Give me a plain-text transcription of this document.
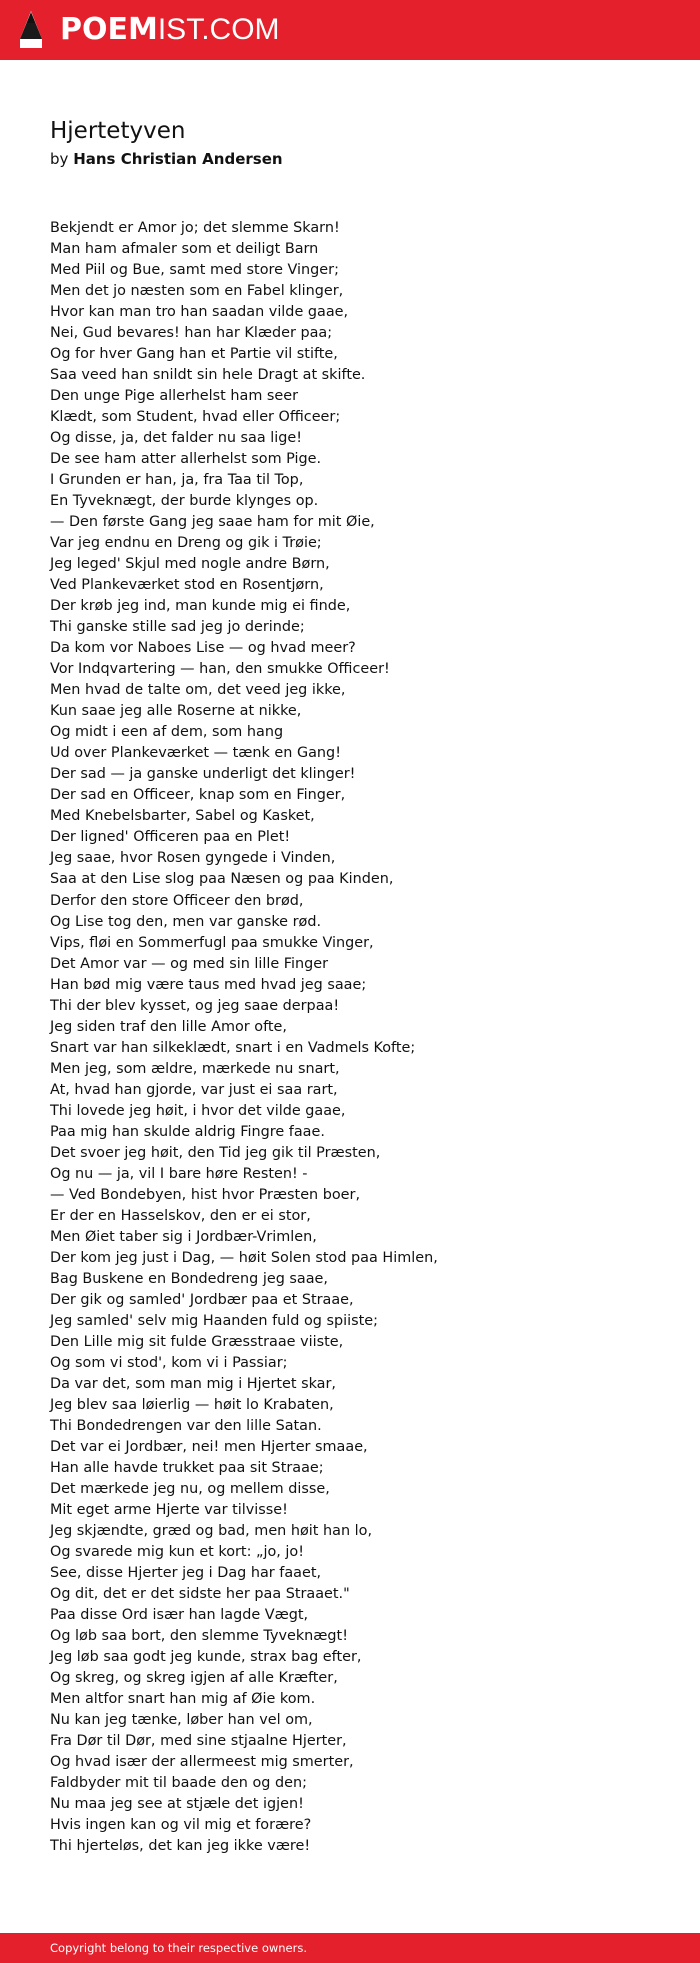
POEMIST.COM
Hjertetyven
by Hans Christian Andersen
Bekjendt er Amor jo; det slemme Skarn!
Man ham afmaler som et deiligt Barn
Med Piil og Bue, samt med store Vinger;
Men det jo næsten som en Fabel klinger,
Hvor kan man tro han saadan vilde gaae,
Nei, Gud bevares! han har Klæder paa;
Og for hver Gang han et Partie vil stifte,
Saa veed han snildt sin hele Dragt at skifte.
Den unge Pige allerhelst ham seer
Klædt, som Student, hvad eller Officeer;
Og disse, ja, det falder nu saa lige!
De see ham atter allerhelst som Pige.
I Grunden er han, ja, fra Taa til Top,
En Tyveknægt, der burde klynges op.
— Den første Gang jeg saae ham for mit Øie,
Var jeg endnu en Dreng og gik i Trøie;
Jeg leged' Skjul med nogle andre Børn,
Ved Plankeværket stod en Rosentjørn,
Der krøb jeg ind, man kunde mig ei finde,
Thi ganske stille sad jeg jo derinde;
Da kom vor Naboes Lise — og hvad meer?
Vor Indqvartering — han, den smukke Officeer!
Men hvad de talte om, det veed jeg ikke,
Kun saae jeg alle Roserne at nikke,
Og midt i een af dem, som hang
Ud over Plankeværket — tænk en Gang!
Der sad — ja ganske underligt det klinger!
Der sad en Officeer, knap som en Finger,
Med Knebelsbarter, Sabel og Kasket,
Der ligned' Officeren paa en Plet!
Jeg saae, hvor Rosen gyngede i Vinden,
Saa at den Lise slog paa Næsen og paa Kinden,
Derfor den store Officeer den brød,
Og Lise tog den, men var ganske rød.
Vips, fløi en Sommerfugl paa smukke Vinger,
Det Amor var — og med sin lille Finger
Han bød mig være taus med hvad jeg saae;
Thi der blev kysset, og jeg saae derpaa!
Jeg siden traf den lille Amor ofte,
Snart var han silkeklædt, snart i en Vadmels Kofte;
Men jeg, som ældre, mærkede nu snart,
At, hvad han gjorde, var just ei saa rart,
Thi lovede jeg høit, i hvor det vilde gaae,
Paa mig han skulde aldrig Fingre faae.
Det svoer jeg høit, den Tid jeg gik til Præsten,
Og nu — ja, vil I bare høre Resten! -
— Ved Bondebyen, hist hvor Præsten boer,
Er der en Hasselskov, den er ei stor,
Men Øiet taber sig i Jordbær-Vrimlen,
Der kom jeg just i Dag, — høit Solen stod paa Himlen,
Bag Buskene en Bondedreng jeg saae,
Der gik og samled' Jordbær paa et Straae,
Jeg samled' selv mig Haanden fuld og spiiste;
Den Lille mig sit fulde Græsstraae viiste,
Og som vi stod', kom vi i Passiar;
Da var det, som man mig i Hjertet skar,
Jeg blev saa løierlig — høit lo Krabaten,
Thi Bondedrengen var den lille Satan.
Det var ei Jordbær, nei! men Hjerter smaae,
Han alle havde trukket paa sit Straae;
Det mærkede jeg nu, og mellem disse,
Mit eget arme Hjerte var tilvisse!
Jeg skjændte, græd og bad, men høit han lo,
Og svarede mig kun et kort: „jo, jo!
See, disse Hjerter jeg i Dag har faaet,
Og dit, det er det sidste her paa Straaet."
Paa disse Ord især han lagde Vægt,
Og løb saa bort, den slemme Tyveknægt!
Jeg løb saa godt jeg kunde, strax bag efter,
Og skreg, og skreg igjen af alle Kræfter,
Men altfor snart han mig af Øie kom.
Nu kan jeg tænke, løber han vel om,
Fra Dør til Dør, med sine stjaalne Hjerter,
Og hvad især der allermeest mig smerter,
Faldbyder mit til baade den og den;
Nu maa jeg see at stjæle det igjen!
Hvis ingen kan og vil mig et forære?
Thi hjerteløs, det kan jeg ikke være!
Copyright belong to their respective owners.
